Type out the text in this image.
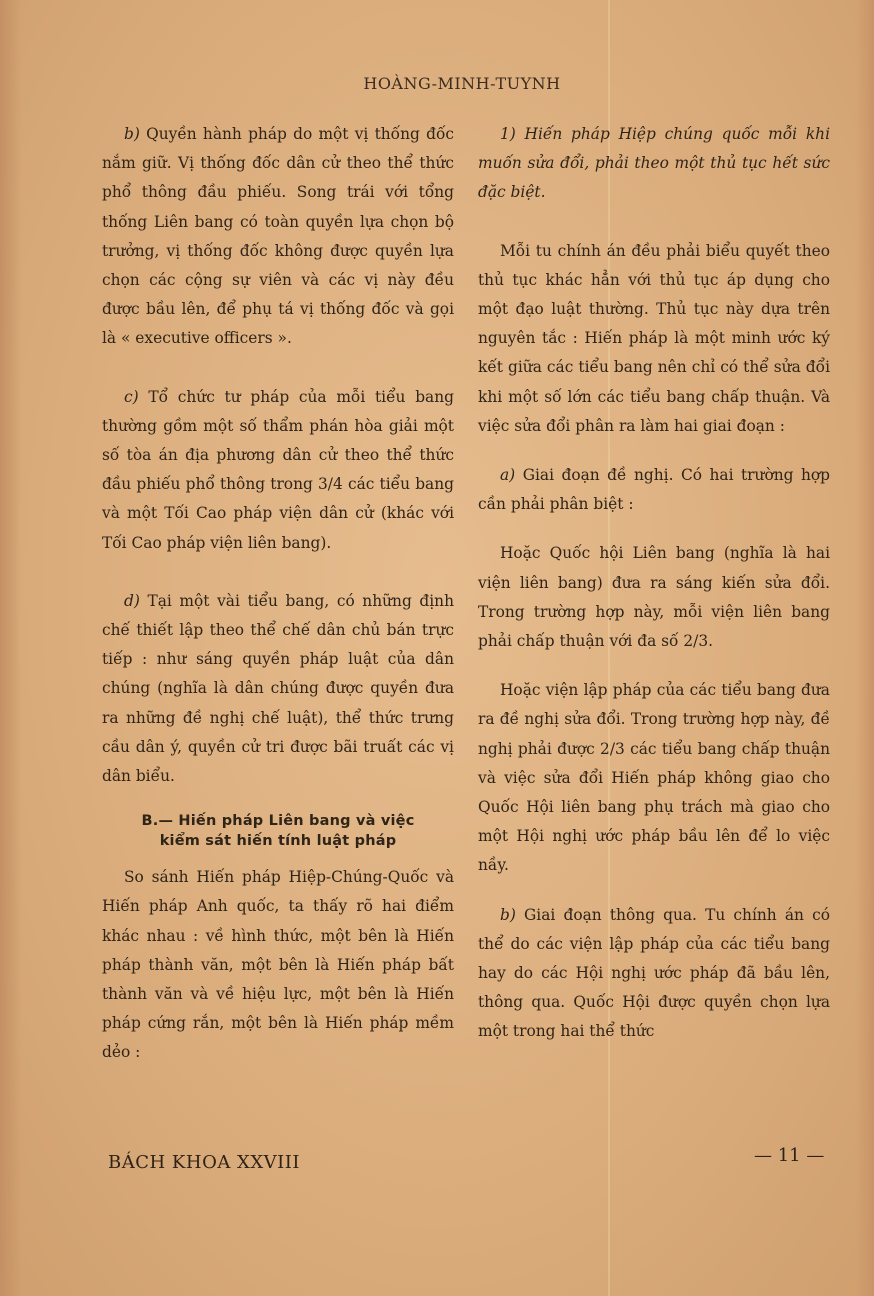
HOÀNG-MINH-TUYNH

b) Quyền hành pháp do một vị thống đốc nắm giữ. Vị thống đốc dân cử theo thể thức phổ thông đầu phiếu. Song trái với tổng thống Liên bang có toàn quyền lựa chọn bộ trưởng, vị thống đốc không được quyền lựa chọn các cộng sự viên và các vị này đều được bầu lên, để phụ tá vị thống đốc và gọi là « executive officers ».

c) Tổ chức tư pháp của mỗi tiểu bang thường gồm một số thẩm phán hòa giải một số tòa án địa phương dân cử theo thể thức đầu phiếu phổ thông trong 3/4 các tiểu bang và một Tối Cao pháp viện dân cử (khác với Tối Cao pháp viện liên bang).

d) Tại một vài tiểu bang, có những định chế thiết lập theo thể chế dân chủ bán trực tiếp : như sáng quyền pháp luật của dân chúng (nghĩa là dân chúng được quyền đưa ra những đề nghị chế luật), thể thức trưng cầu dân ý, quyền cử tri được bãi truất các vị dân biểu.

B.— Hiến pháp Liên bang và việc
kiểm sát hiến tính luật pháp

So sánh Hiến pháp Hiệp-Chúng-Quốc và Hiến pháp Anh quốc, ta thấy rõ hai điểm khác nhau : về hình thức, một bên là Hiến pháp thành văn, một bên là Hiến pháp bất thành văn và về hiệu lực, một bên là Hiến pháp cứng rắn, một bên là Hiến pháp mềm dẻo :

1) Hiến pháp Hiệp chúng quốc mỗi khi muốn sửa đổi, phải theo một thủ tục hết sức đặc biệt.

Mỗi tu chính án đều phải biểu quyết theo thủ tục khác hẳn với thủ tục áp dụng cho một đạo luật thường. Thủ tục này dựa trên nguyên tắc : Hiến pháp là một minh ước ký kết giữa các tiểu bang nên chỉ có thể sửa đổi khi một số lớn các tiểu bang chấp thuận. Và việc sửa đổi phân ra làm hai giai đoạn :

a) Giai đoạn đề nghị. Có hai trường hợp cần phải phân biệt :

Hoặc Quốc hội Liên bang (nghĩa là hai viện liên bang) đưa ra sáng kiến sửa đổi. Trong trường hợp này, mỗi viện liên bang phải chấp thuận với đa số 2/3.

Hoặc viện lập pháp của các tiểu bang đưa ra đề nghị sửa đổi. Trong trường hợp này, đề nghị phải được 2/3 các tiểu bang chấp thuận và việc sửa đổi Hiến pháp không giao cho Quốc Hội liên bang phụ trách mà giao cho một Hội nghị ước pháp bầu lên để lo việc nầy.

b) Giai đoạn thông qua. Tu chính án có thể do các viện lập pháp của các tiểu bang hay do các Hội nghị ước pháp đã bầu lên, thông qua. Quốc Hội được quyền chọn lựa một trong hai thể thức

BÁCH KHOA XXVIII	— 11 —
